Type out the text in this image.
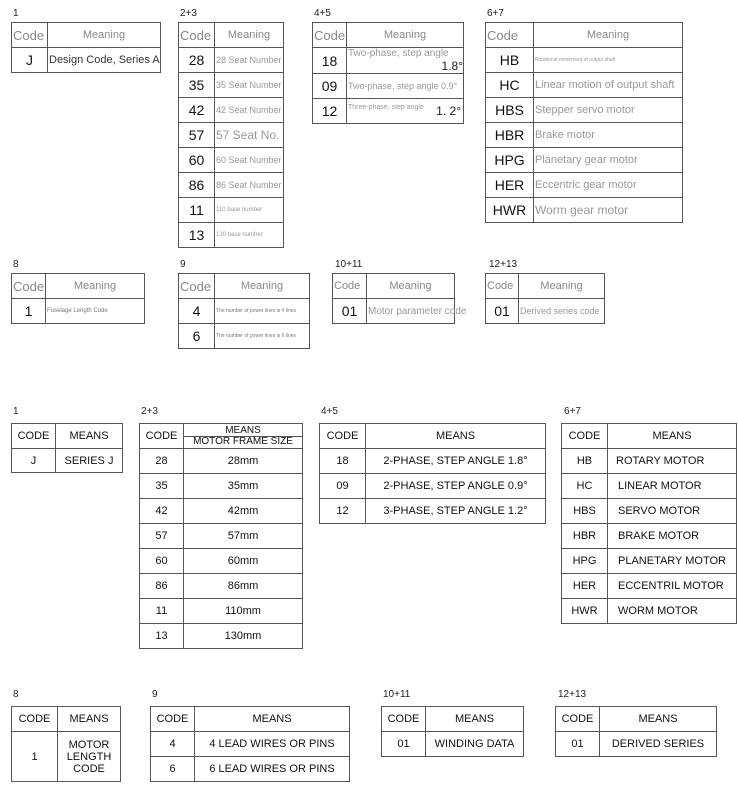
1
Code	Meaning
J	Design Code, Series A
2+3
Code	Meaning
28	28 Seat Number
35	35 Seat Number
42	42 Seat Number
57	57 Seat No.
60	60 Seat Number
86	86 Seat Number
11	110 base number
13	130 base number
4+5
Code	Meaning
18	Two-phase, step angle
1.8°

09	Two-phase, step angle 0.9°
12	Three-phase, step angle 1. 2°
6+7
Code	Meaning
HB	Rotational movement of output shaft
HC	Linear motion of output shaft
HBS	Stepper servo motor
HBR	Brake motor
HPG	Planetary gear motor
HER	Eccentric gear motor
HWR	Worm gear motor
8
Code	Meaning
1	Fuselage Length Code
9
Code	Meaning
4	The number of power lines is 4 lines
6	The number of power lines is 6 lines
10+11
Code	Meaning
01	Motor parameter code
12+13
Code	Meaning
01	Derived series code
1
CODE	MEANS
J	SERIES J
2+3
CODE	MEANS
MOTOR FRAME SIZE

28	28mm
35	35mm
42	42mm
57	57mm
60	60mm
86	86mm
11	110mm
13	130mm
4+5
CODE	MEANS
18	2-PHASE, STEP ANGLE 1.8°
09	2-PHASE, STEP ANGLE 0.9°
12	3-PHASE, STEP ANGLE 1.2°
6+7
CODE	MEANS
HB	ROTARY MOTOR
HC	LINEAR MOTOR
HBS	SERVO MOTOR
HBR	BRAKE MOTOR
HPG	PLANETARY MOTOR
HER	ECCENTRIL MOTOR
HWR	WORM MOTOR
8
CODE	MEANS
1	MOTOR
LENGTH
CODE
9
CODE	MEANS
4	4 LEAD WIRES OR PINS
6	6 LEAD WIRES OR PINS
10+11
CODE	MEANS
01	WINDING DATA
12+13
CODE	MEANS
01	DERIVED SERIES
